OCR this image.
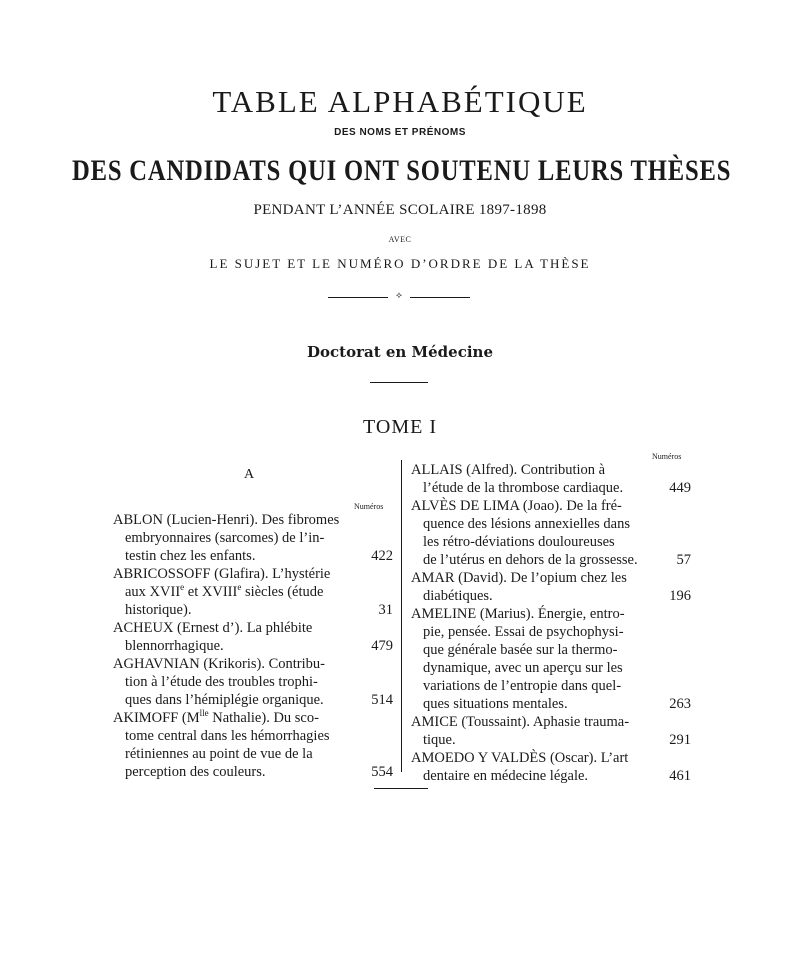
TABLE ALPHABÉTIQUE
DES NOMS ET PRÉNOMS
DES CANDIDATS QUI ONT SOUTENU LEURS THÈSES
PENDANT L’ANNÉE SCOLAIRE 1897-1898
AVEC
LE SUJET ET LE NUMÉRO D’ORDRE DE LA THÈSE
⟡
Doctorat en Médecine
TOME I
A
Numéros
ABLON (Lucien-Henri). Des fibromes
embryonnaires (sarcomes) de l’in-
testin chez les enfants.	422
ABRICOSSOFF (Glafira). L’hystérie
aux XVIIe et XVIIIe siècles (étude
historique).	31
ACHEUX (Ernest d’). La phlébite
blennorrhagique.	479
AGHAVNIAN (Krikoris). Contribu-
tion à l’étude des troubles trophi-
ques dans l’hémiplégie organique.	514
AKIMOFF ($M^{lle}$ Nathalie). Du sco-
tome central dans les hémorrhagies
rétiniennes au point de vue de la
perception des couleurs.	554
Numéros
ALLAIS (Alfred). Contribution à
l’étude de la thrombose cardiaque.	449
ALVÈS DE LIMA (Joao). De la fré-
quence des lésions annexielles dans
les rétro-déviations douloureuses
de l’utérus en dehors de la grossesse.	57
AMAR (David). De l’opium chez les
diabétiques.	196
AMELINE (Marius). Énergie, entro-
pie, pensée. Essai de psychophysi-
que générale basée sur la thermo-
dynamique, avec un aperçu sur les
variations de l’entropie dans quel-
ques situations mentales.	263
AMICE (Toussaint). Aphasie trauma-
tique.	291
AMOEDO Y VALDÈS (Oscar). L’art
dentaire en médecine légale.	461
